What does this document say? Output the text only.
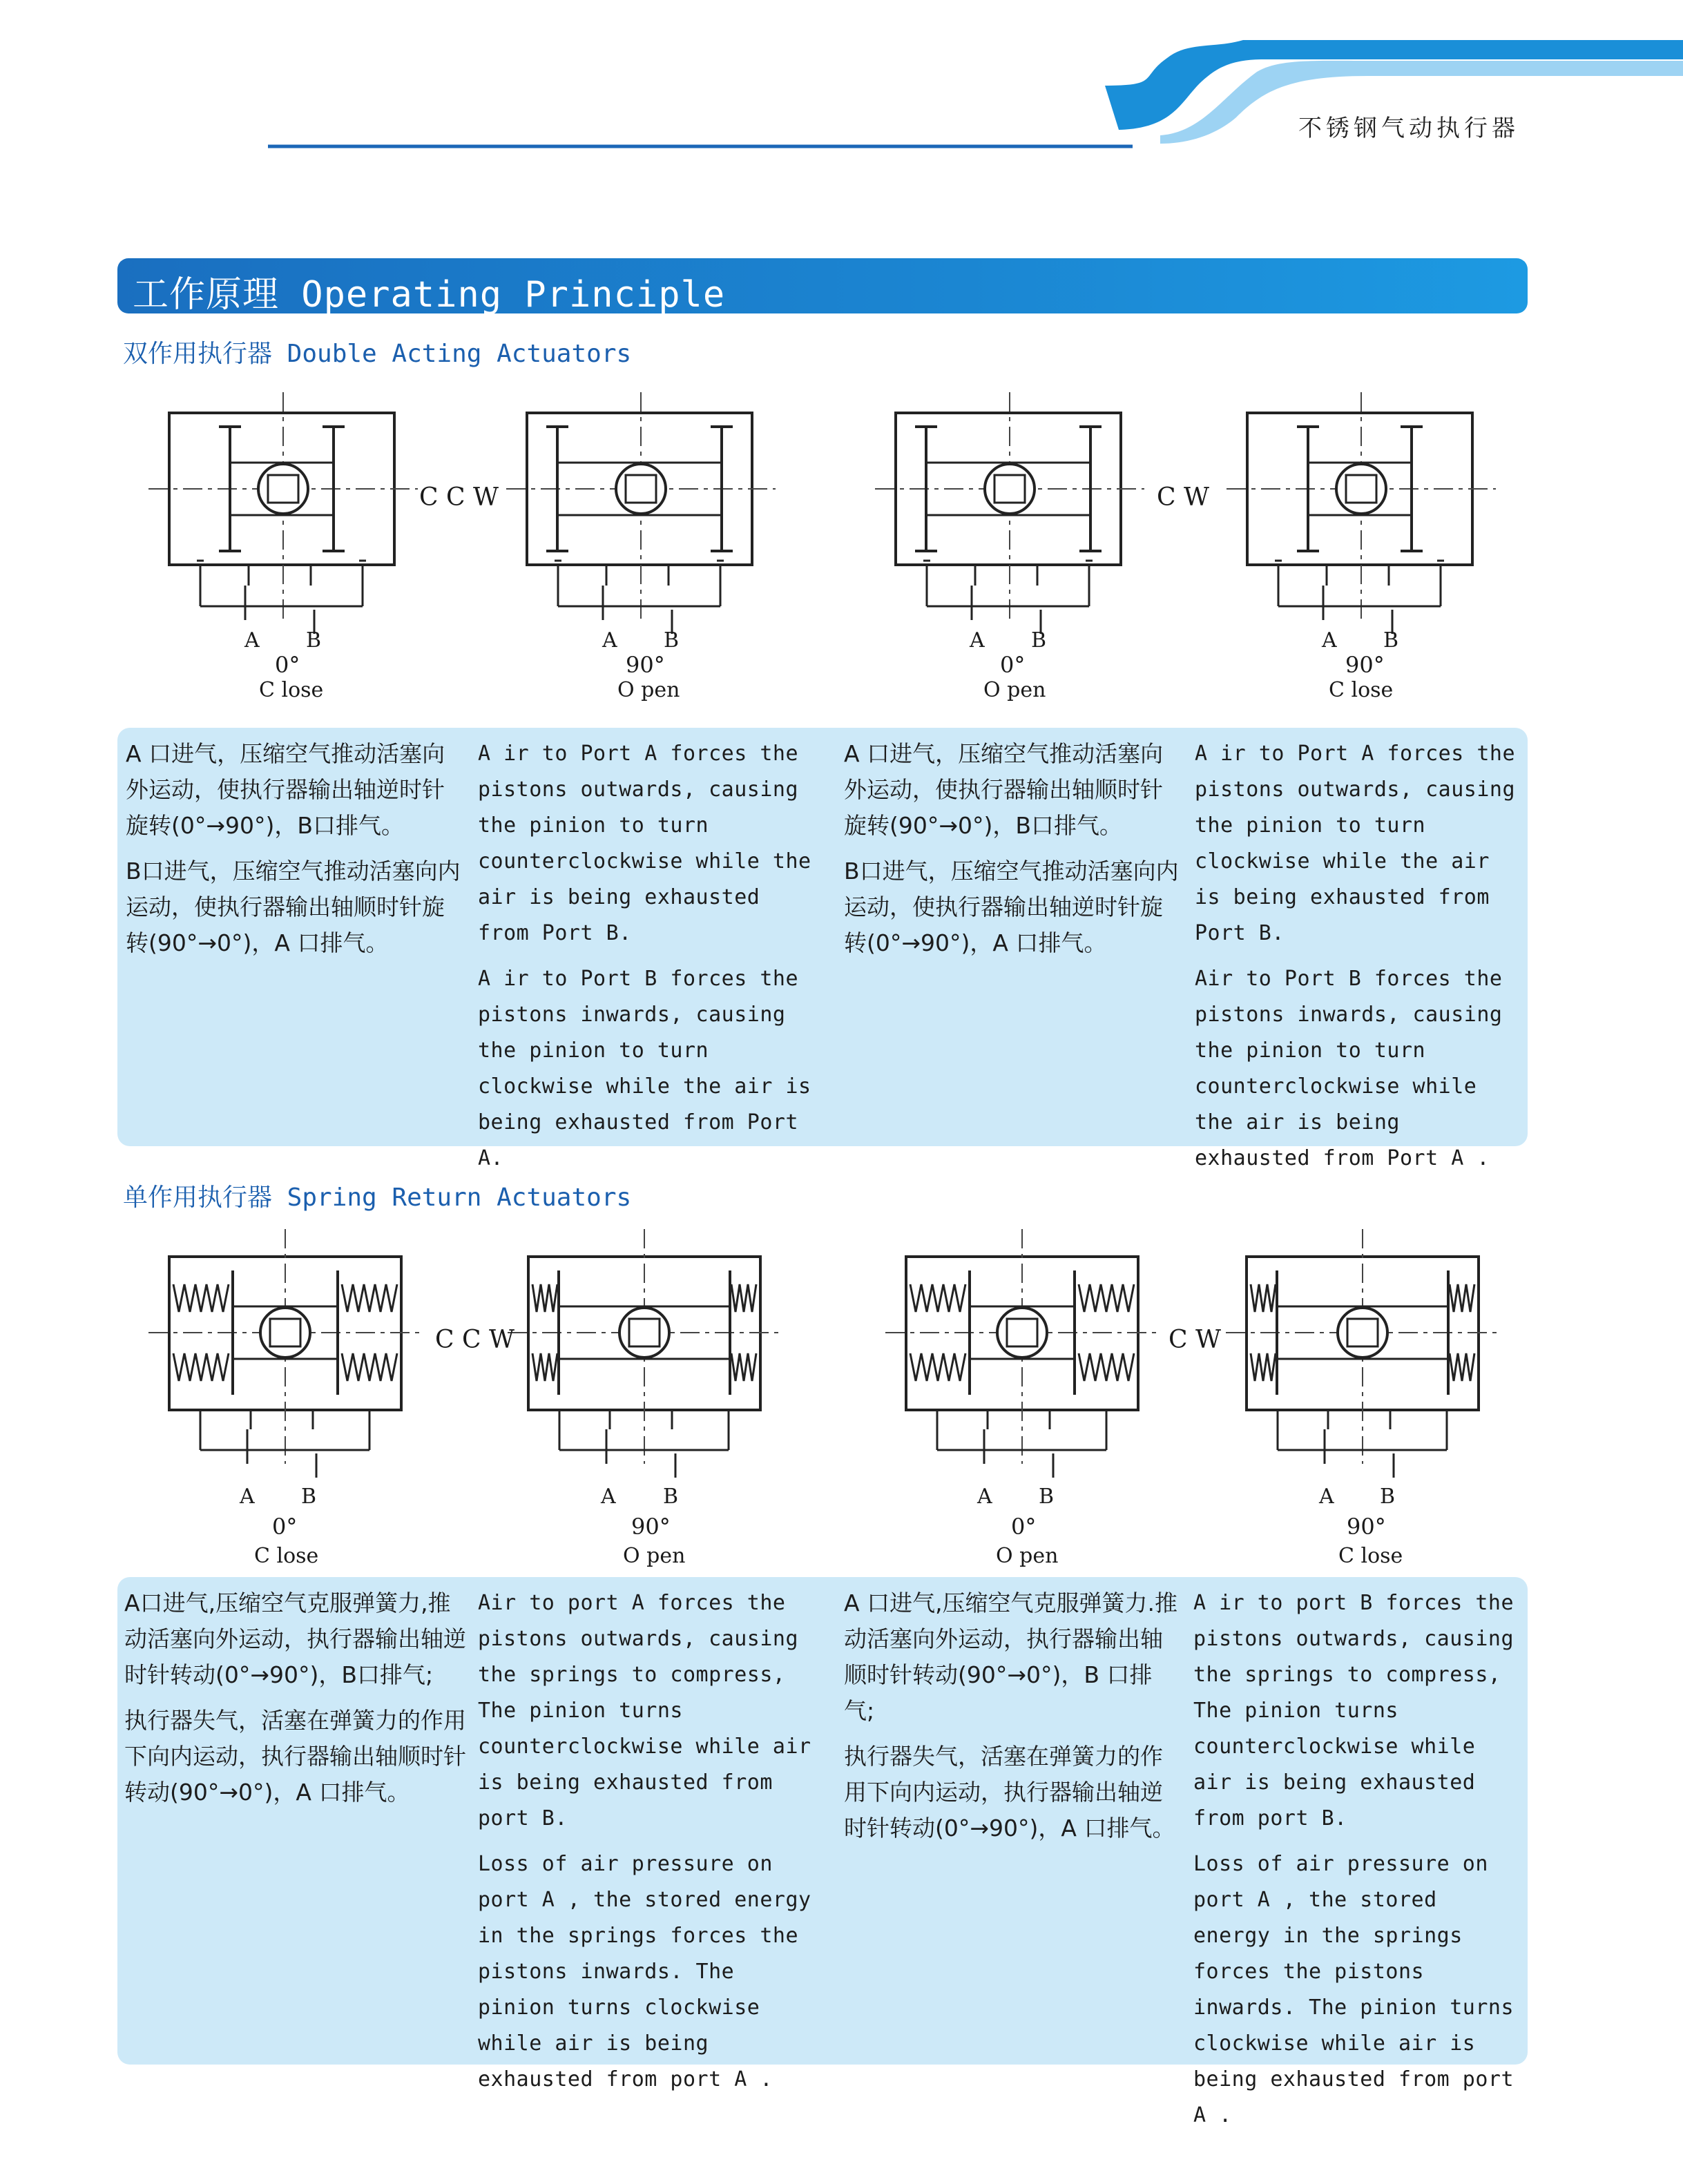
不锈钢气动执行器
工作原理 Operating Principle
双作用执行器 Double Acting Actuators
C C W	C W
A B
0°
C lose
A B
90°
O pen
A B
0°
O pen
A B
90°
C lose

A 口进气，压缩空气推动活塞向外运动，使执行器输出轴逆时针旋转(0°→90°)，B口排气。

B口进气，压缩空气推动活塞向内运动，使执行器输出轴顺时针旋转(90°→0°)，A 口排气。

A ir to Port A forces the pistons outwards, causing the pinion to turn counterclockwise while the air is being exhausted from Port B.

A ir to Port B forces the pistons inwards, causing the pinion to turn clockwise while the air is being exhausted from Port A.

A 口进气，压缩空气推动活塞向外运动，使执行器输出轴顺时针旋转(90°→0°)，B口排气。

B口进气，压缩空气推动活塞向内运动，使执行器输出轴逆时针旋转(0°→90°)，A 口排气。

A ir to Port A forces the pistons outwards, causing the pinion to turn clockwise while the air is being exhausted from Port B.

Air to Port B forces the pistons inwards, causing the pinion to turn counterclockwise while the air is being exhausted from Port A .

单作用执行器 Spring Return Actuators
C C W	C W
A B
0°
C lose
A B
90°
O pen
A B
0°
O pen
A B
90°
C lose

A口进气,压缩空气克服弹簧力,推动活塞向外运动，执行器输出轴逆时针转动(0°→90°)，B口排气;

执行器失气，活塞在弹簧力的作用下向内运动，执行器输出轴顺时针转动(90°→0°)，A 口排气。

Air to port A forces the pistons outwards, causing the springs to compress, The pinion turns counterclockwise while air is being exhausted from port B.

Loss of air pressure on port A , the stored energy in the springs forces the pistons inwards. The pinion turns clockwise while air is being exhausted from port A .

A 口进气,压缩空气克服弹簧力.推动活塞向外运动，执行器输出轴顺时针转动(90°→0°)，B 口排气;

执行器失气，活塞在弹簧力的作用下向内运动，执行器输出轴逆时针转动(0°→90°)，A 口排气。

A ir to port B forces the pistons outwards, causing the springs to compress, The pinion turns counterclockwise while air is being exhausted from port B.

Loss of air pressure on port A , the stored energy in the springs forces the pistons inwards. The pinion turns clockwise while air is being exhausted from port A .
